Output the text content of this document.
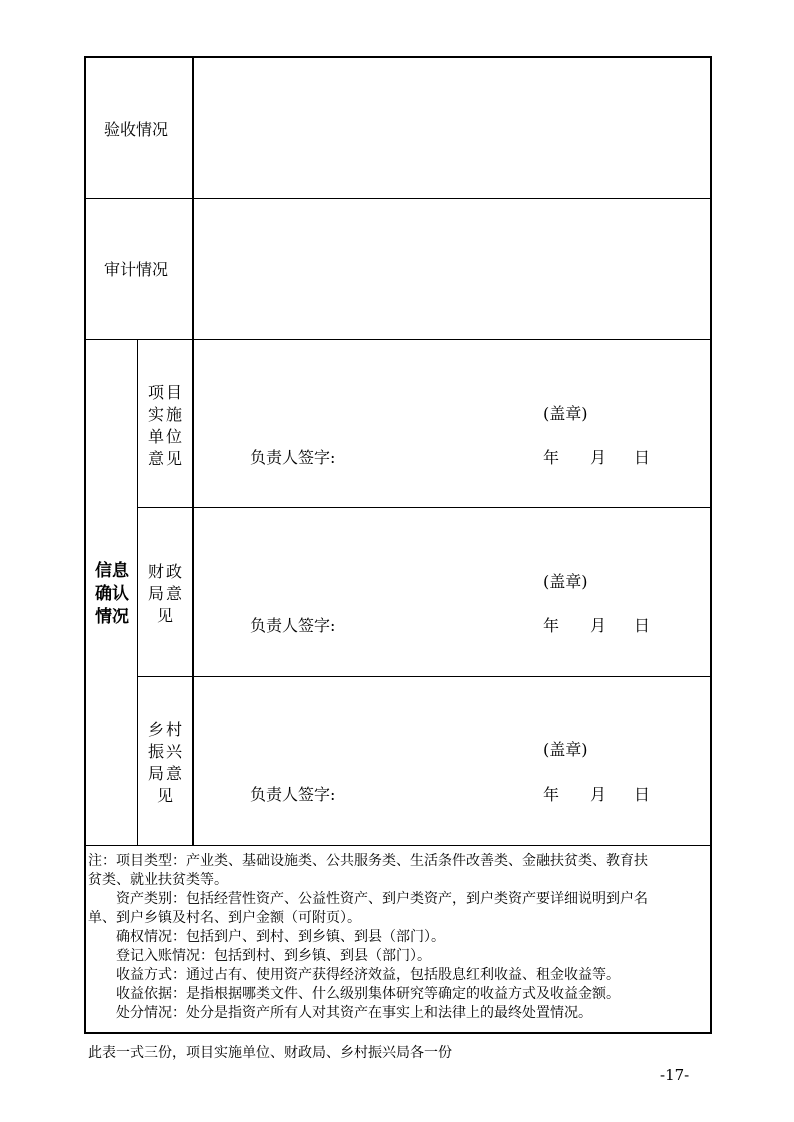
验收情况
审计情况
信息确认情况
项目实施单位意见
(盖章)
负责人签字:	年 月 日
财政局意见
(盖章)
负责人签字:	年 月 日
乡村振兴局意见
(盖章)
负责人签字:	年 月 日

注：项目类型：产业类、基础设施类、公共服务类、生活条件改善类、金融扶贫类、教育扶

贫类、就业扶贫类等。

资产类别：包括经营性资产、公益性资产、到户类资产，到户类资产要详细说明到户名

单、到户乡镇及村名、到户金额（可附页）。

确权情况：包括到户、到村、到乡镇、到县（部门）。

登记入账情况：包括到村、到乡镇、到县（部门）。

收益方式：通过占有、使用资产获得经济效益，包括股息红利收益、租金收益等。

收益依据：是指根据哪类文件、什么级别集体研究等确定的收益方式及收益金额。

处分情况：处分是指资产所有人对其资产在事实上和法律上的最终处置情况。

此表一式三份，项目实施单位、财政局、乡村振兴局各一份
-17-
